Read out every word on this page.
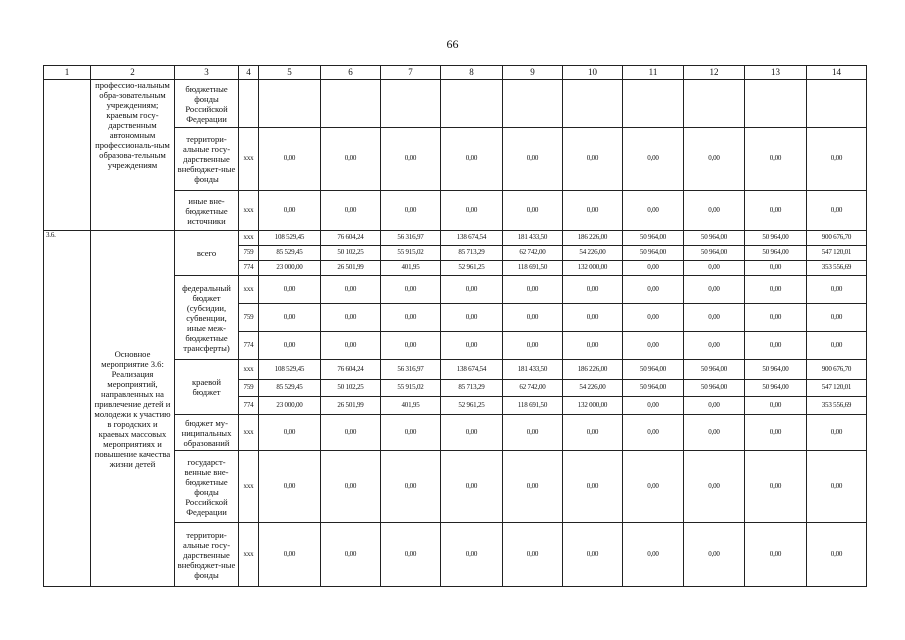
66
1	2	3	4	5	6	7	8	9	10	11	12	13	14
	профессио-нальным обра-зовательным учреждениям; краевым госу-дарственным автономным профессиональ-ным образова-тельным учреждениям	бюджетные фонды Российской Федерации											
		территори-альные госу-дарственные внебюджет-ные фонды	ххх	0,00	0,00	0,00	0,00	0,00	0,00	0,00	0,00	0,00	0,00
		иные вне-бюджетные источники	ххх	0,00	0,00	0,00	0,00	0,00	0,00	0,00	0,00	0,00	0,00
3.6.	Основное мероприятие 3.6: Реализация мероприятий, направленных на привлечение детей и молодежи к участию в городских и краевых массовых мероприятиях и повышение качества жизни детей	всего	ххх	108 529,45	76 604,24	56 316,97	138 674,54	181 433,50	186 226,00	50 964,00	50 964,00	50 964,00	900 676,70
			759	85 529,45	50 102,25	55 915,02	85 713,29	62 742,00	54 226,00	50 964,00	50 964,00	50 964,00	547 120,01
			774	23 000,00	26 501,99	401,95	52 961,25	118 691,50	132 000,00	0,00	0,00	0,00	353 556,69
		федеральный бюджет (субсидии, субвенции, иные меж-бюджетные трансферты)	ххх	0,00	0,00	0,00	0,00	0,00	0,00	0,00	0,00	0,00	0,00
			759	0,00	0,00	0,00	0,00	0,00	0,00	0,00	0,00	0,00	0,00
			774	0,00	0,00	0,00	0,00	0,00	0,00	0,00	0,00	0,00	0,00
		краевой бюджет	ххх	108 529,45	76 604,24	56 316,97	138 674,54	181 433,50	186 226,00	50 964,00	50 964,00	50 964,00	900 676,70
			759	85 529,45	50 102,25	55 915,02	85 713,29	62 742,00	54 226,00	50 964,00	50 964,00	50 964,00	547 120,01
			774	23 000,00	26 501,99	401,95	52 961,25	118 691,50	132 000,00	0,00	0,00	0,00	353 556,69
		бюджет му-ниципальных образований	ххх	0,00	0,00	0,00	0,00	0,00	0,00	0,00	0,00	0,00	0,00
		государст-венные вне-бюджетные фонды Российской Федерации	ххх	0,00	0,00	0,00	0,00	0,00	0,00	0,00	0,00	0,00	0,00
		территори-альные госу-дарственные внебюджет-ные фонды	ххх	0,00	0,00	0,00	0,00	0,00	0,00	0,00	0,00	0,00	0,00
